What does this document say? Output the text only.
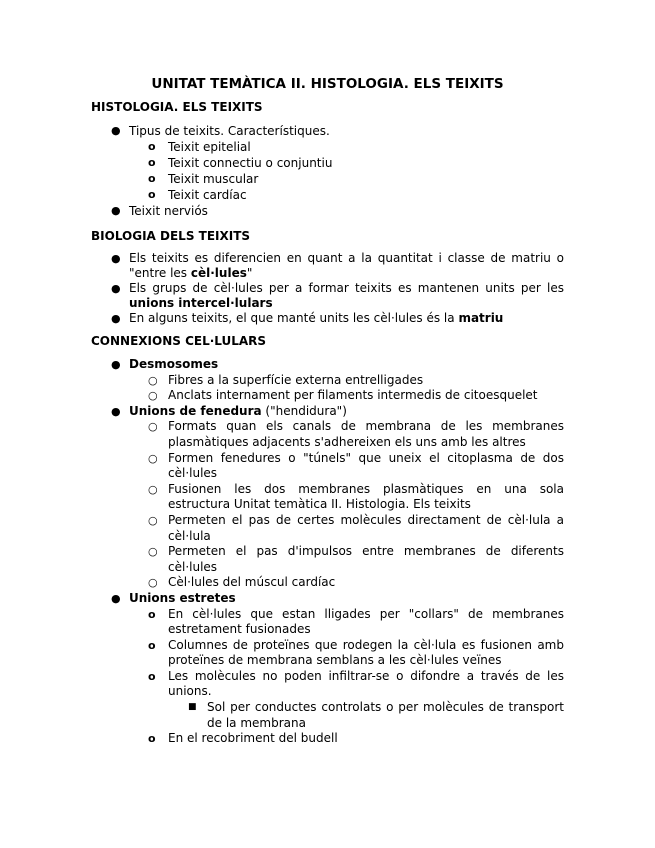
UNITAT TEMÀTICA II. HISTOLOGIA. ELS TEIXITS
HISTOLOGIA. ELS TEIXITS
● Tipus de teixits. Característiques.
o Teixit epitelial
o Teixit connectiu o conjuntiu
o Teixit muscular
o Teixit cardíac
● Teixit nerviós
BIOLOGIA DELS TEIXITS
● Els teixits es diferencien en quant a la quantitat i classe de matriu o "entre les cèl·lules"
● Els grups de cèl·lules per a formar teixits es mantenen units per les unions intercel·lulars
● En alguns teixits, el que manté units les cèl·lules és la matriu
CONNEXIONS CEL·LULARS
● Desmosomes
○ Fibres a la superfície externa entrelligades
○ Anclats internament per filaments intermedis de citoesquelet
● Unions de fenedura ("hendidura")
○ Formats quan els canals de membrana de les membranes plasmàtiques adjacents s'adhereixen els uns amb les altres
○ Formen fenedures o "túnels" que uneix el citoplasma de dos cèl·lules
○ Fusionen les dos membranes plasmàtiques en una sola estructura Unitat temàtica II. Histologia. Els teixits
○ Permeten el pas de certes molècules directament de cèl·lula a cèl·lula
○ Permeten el pas d'impulsos entre membranes de diferents cèl·lules
○ Cèl·lules del múscul cardíac
● Unions estretes
o En cèl·lules que estan lligades per "collars" de membranes estretament fusionades
o Columnes de proteïnes que rodegen la cèl·lula es fusionen amb proteïnes de membrana semblans a les cèl·lules veïnes
o Les molècules no poden infiltrar-se o difondre a través de les unions.
■ Sol per conductes controlats o per molècules de transport de la membrana
o En el recobriment del budell
